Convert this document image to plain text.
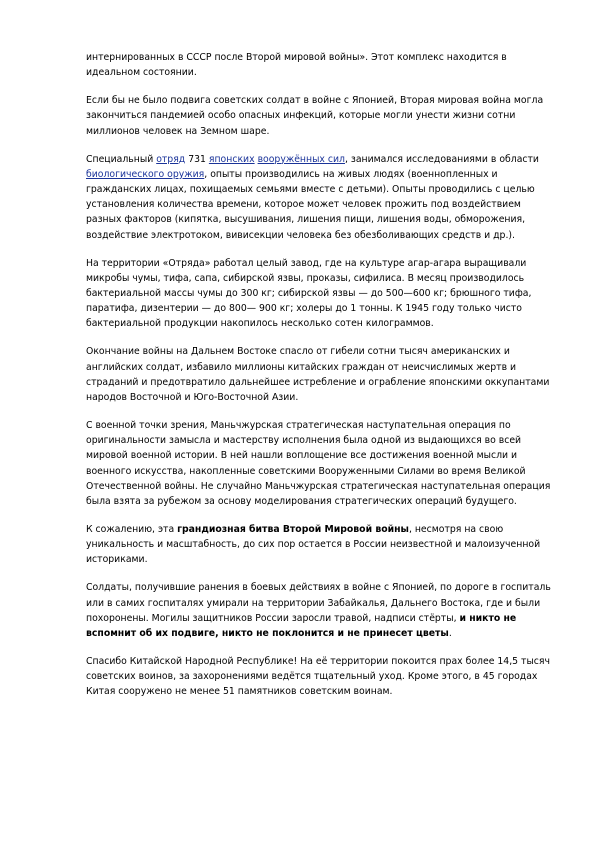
интернированных в СССР после Второй мировой войны». Этот комплекс находится в идеальном состоянии.

Если бы не было подвига советских солдат в войне с Японией, Вторая мировая война могла закончиться пандемией особо опасных инфекций, которые могли унести жизни сотни миллионов человек на Земном шаре.

Специальный отряд 731 японских вооружённых сил, занимался исследованиями в области биологического оружия, опыты производились на живых людях (военнопленных и гражданских лицах, похищаемых семьями вместе с детьми). Опыты проводились с целью установления количества времени, которое может человек прожить под воздействием разных факторов (кипятка, высушивания, лишения пищи, лишения воды, обморожения, воздействие электротоком, вивисекции человека без обезболивающих средств и др.).

На территории «Отряда» работал целый завод, где на культуре агар-агара выращивали микробы чумы, тифа, сапа, сибирской язвы, проказы, сифилиса. В месяц производилось бактериальной массы чумы до 300 кг; сибирской язвы — до 500—600 кг; брюшного тифа, паратифа, дизентерии — до 800— 900 кг; холеры до 1 тонны. К 1945 году только чисто бактериальной продукции накопилось несколько сотен килограммов.

Окончание войны на Дальнем Востоке спасло от гибели сотни тысяч американских и английских солдат, избавило миллионы китайских граждан от неисчислимых жертв и страданий и предотвратило дальнейшее истребление и ограбление японскими оккупантами народов Восточной и Юго-Восточной Азии.

С военной точки зрения, Маньчжурская стратегическая наступательная операция по оригинальности замысла и мастерству исполнения была одной из выдающихся во всей мировой военной истории. В ней нашли воплощение все достижения военной мысли и военного искусства, накопленные советскими Вооруженными Силами во время Великой Отечественной войны. Не случайно Маньчжурская стратегическая наступательная операция была взята за рубежом за основу моделирования стратегических операций будущего.

К сожалению, эта грандиозная битва Второй Мировой войны, несмотря на свою уникальность и масштабность, до сих пор остается в России неизвестной и малоизученной историками.

Солдаты, получившие ранения в боевых действиях в войне с Японией, по дороге в госпиталь или в самих госпиталях умирали на территории Забайкалья, Дальнего Востока, где и были похоронены. Могилы защитников России заросли травой, надписи стёрты, и никто не вспомнит об их подвиге, никто не поклонится и не принесет цветы.

Спасибо Китайской Народной Республике! На её территории покоится прах более 14,5 тысяч советских воинов, за захоронениями ведётся тщательный уход. Кроме этого, в 45 городах Китая сооружено не менее 51 памятников советским воинам.
